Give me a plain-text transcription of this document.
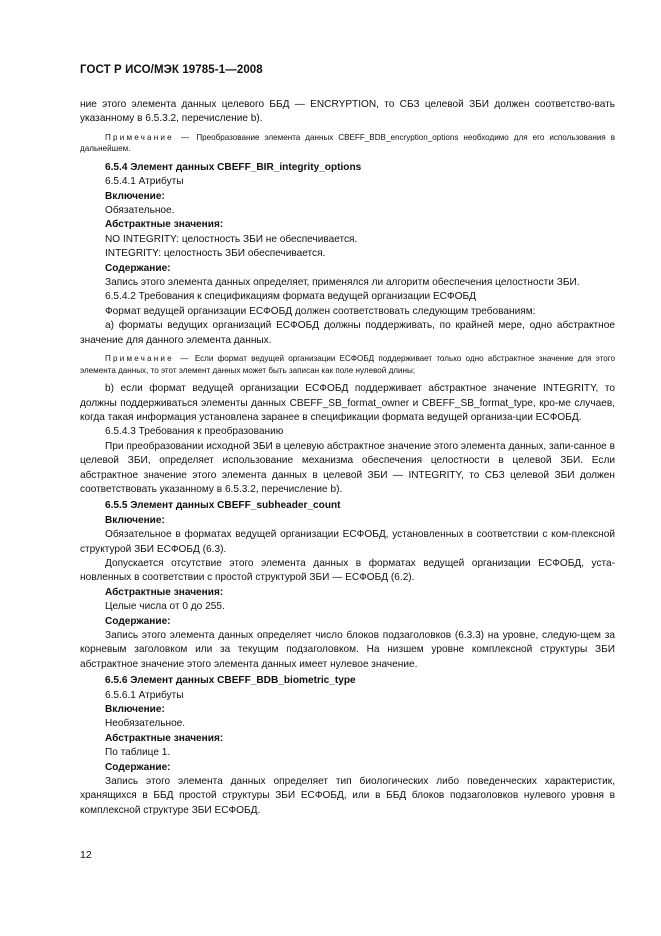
ГОСТ Р ИСО/МЭК 19785-1—2008

ние этого элемента данных целевого ББД — ENCRYPTION, то СБЗ целевой ЗБИ должен соответство-вать указанному в 6.5.3.2, перечисление b).

Примечание — Преобразование элемента данных CBEFF_BDB_encryption_options необходимо для его использования в дальнейшем.

6.5.4 Элемент данных CBEFF_BIR_integrity_options

6.5.4.1 Атрибуты

Включение:

Обязательное.

Абстрактные значения:

NO INTEGRITY: целостность ЗБИ не обеспечивается.

INTEGRITY: целостность ЗБИ обеспечивается.

Содержание:

Запись этого элемента данных определяет, применялся ли алгоритм обеспечения целостности ЗБИ.

6.5.4.2 Требования к спецификациям формата ведущей организации ЕСФОБД

Формат ведущей организации ЕСФОБД должен соответствовать следующим требованиям:

а) форматы ведущих организаций ЕСФОБД должны поддерживать, по крайней мере, одно абстрактное значение для данного элемента данных.

Примечание — Если формат ведущей организации ЕСФОБД поддерживает только одно абстрактное значение для этого элемента данных, то этот элемент данных может быть записан как поле нулевой длины;

b) если формат ведущей организации ЕСФОБД поддерживает абстрактное значение INTEGRITY, то должны поддерживаться элементы данных CBEFF_SB_format_owner и CBEFF_SB_format_type, кро-ме случаев, когда такая информация установлена заранее в спецификации формата ведущей организа-ции ЕСФОБД.

6.5.4.3 Требования к преобразованию

При преобразовании исходной ЗБИ в целевую абстрактное значение этого элемента данных, запи-санное в целевой ЗБИ, определяет использование механизма обеспечения целостности в целевой ЗБИ. Если абстрактное значение этого элемента данных в целевой ЗБИ — INTEGRITY, то СБЗ целевой ЗБИ должен соответствовать указанному в 6.5.3.2, перечисление b).

6.5.5 Элемент данных CBEFF_subheader_count

Включение:

Обязательное в форматах ведущей организации ЕСФОБД, установленных в соответствии с ком-плексной структурой ЗБИ ЕСФОБД (6.3).

Допускается отсутствие этого элемента данных в форматах ведущей организации ЕСФОБД, уста-новленных в соответствии с простой структурой ЗБИ — ЕСФОБД (6.2).

Абстрактные значения:

Целые числа от 0 до 255.

Содержание:

Запись этого элемента данных определяет число блоков подзаголовков (6.3.3) на уровне, следую-щем за корневым заголовком или за текущим подзаголовком. На низшем уровне комплексной структуры ЗБИ абстрактное значение этого элемента данных имеет нулевое значение.

6.5.6 Элемент данных CBEFF_BDB_biometric_type

6.5.6.1 Атрибуты

Включение:

Необязательное.

Абстрактные значения:

По таблице 1.

Содержание:

Запись этого элемента данных определяет тип биологических либо поведенческих характеристик, хранящихся в ББД простой структуры ЗБИ ЕСФОБД, или в ББД блоков подзаголовков нулевого уровня в комплексной структуре ЗБИ ЕСФОБД.

12
